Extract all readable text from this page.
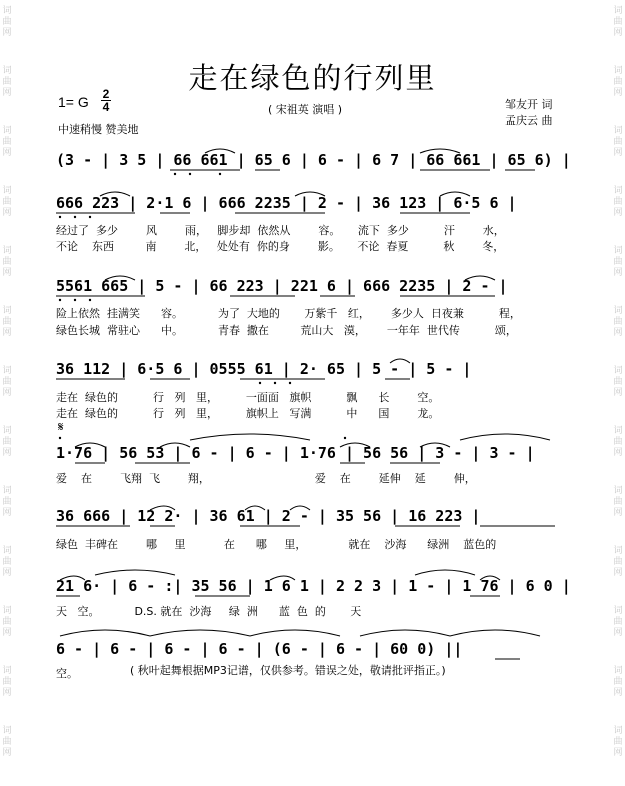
词
曲
网
词
曲
网
词
曲
网
词
曲
网
词
曲
网
词
曲
网
词
曲
网
词
曲
网
词
曲
网
词
曲
网
词
曲
网
词
曲
网
词
曲
网
词
曲
网
词
曲
网
词
曲
网
词
曲
网
词
曲
网
词
曲
网
词
曲
网
词
曲
网
词
曲
网
词
曲
网
词
曲
网
词
曲
网
词
曲
网
走在绿色的行列里
1= G $\frac{2}{4}$
中速稍慢 赞美地
( 宋祖英 演唱 )	邹友开 词
孟庆云 曲
(3 - | 3 5 | 66 661 | 65 6 | 6 - | 6 7 | 66 661 | 65 6) |
666 223 | 2·1 6 | 666 2235 | 2 - | 36 123 | 6·5 6 |
经过了  多少        风        雨，   脚步却  依然从        容。     流下  多少          汗        水，
不论    东西         南        北，   处处有  你的身        影。     不论  春夏          秋        冬，
5561 665 | 5 - | 66 223 | 221 6 | 666 2235 | 2 - |
险上依然  挂满笑      容。          为了  大地的       万紫千   红，      多少人  日夜兼          程，
绿色长城  常驻心      中。          青春  撒在         荒山大   漠，      一年年  世代传          颂，
36 112 | 6·5 6 | 0555 61 | 2· 65 | 5 - | 5 - |
走在  绿色的          行   列   里，        一面面   旗帜          飘      长        空。
走在  绿色的          行   列   里，        旗帜上   写满          中      国        龙。
𝄋
1·76 | 56 53 | 6 - | 6 - | 1·76 | 56 56 | 3 - | 3 - |
爱    在        飞翔  飞        翔，                              爱    在        延伸    延        伸，
36 666 | 12 2· | 36 61 | 2 - | 35 56 | 16 223 |
绿色  丰碑在        哪     里           在      哪     里，            就在    沙海      绿洲    蓝色的
21 6· | 6 - :| 35 56 | 1 6 1 | 2 2 3 | 1 - | 1 76 | 6 0 |
天   空。          D.S. 就在  沙海     绿  洲      蓝  色  的       天
6 - | 6 - | 6 - | 6 - | (6 - | 6 - | 60 0) ||
空。	( 秋叶起舞根据MP3记谱，仅供参考。错误之处，敬请批评指正。)
